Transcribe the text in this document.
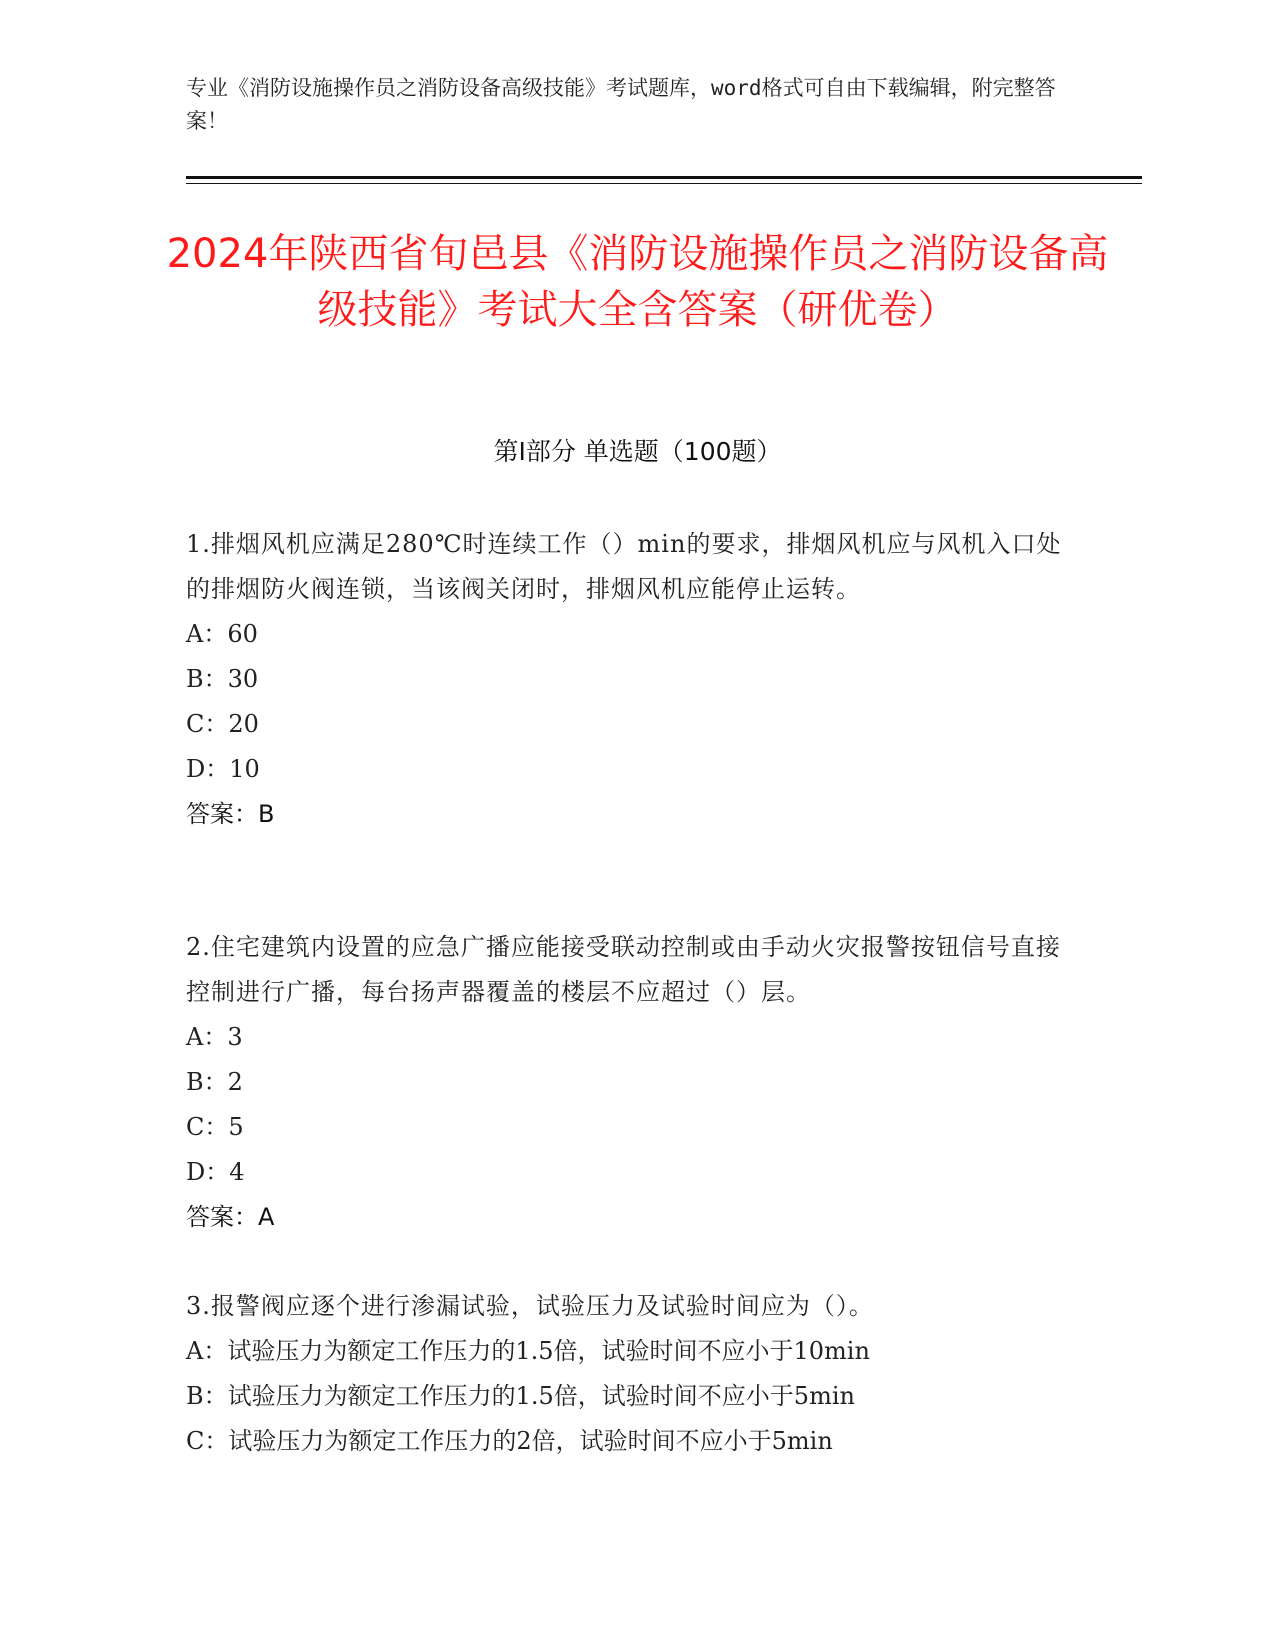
专业《消防设施操作员之消防设备高级技能》考试题库，word格式可自由下载编辑，附完整答案！
2024年陕西省旬邑县《消防设施操作员之消防设备高级技能》考试大全含答案（研优卷）
第Ⅰ部分 单选题（100题）
1.排烟风机应满足280℃时连续工作（）min的要求，排烟风机应与风机入口处的排烟防火阀连锁，当该阀关闭时，排烟风机应能停止运转。
A：60
B：30
C：20
D：10
答案：B
2.住宅建筑内设置的应急广播应能接受联动控制或由手动火灾报警按钮信号直接控制进行广播，每台扬声器覆盖的楼层不应超过（）层。
A：3
B：2
C：5
D：4
答案：A
3.报警阀应逐个进行渗漏试验，试验压力及试验时间应为（）。
A：试验压力为额定工作压力的1.5倍，试验时间不应小于10min
B：试验压力为额定工作压力的1.5倍，试验时间不应小于5min
C：试验压力为额定工作压力的2倍，试验时间不应小于5min
